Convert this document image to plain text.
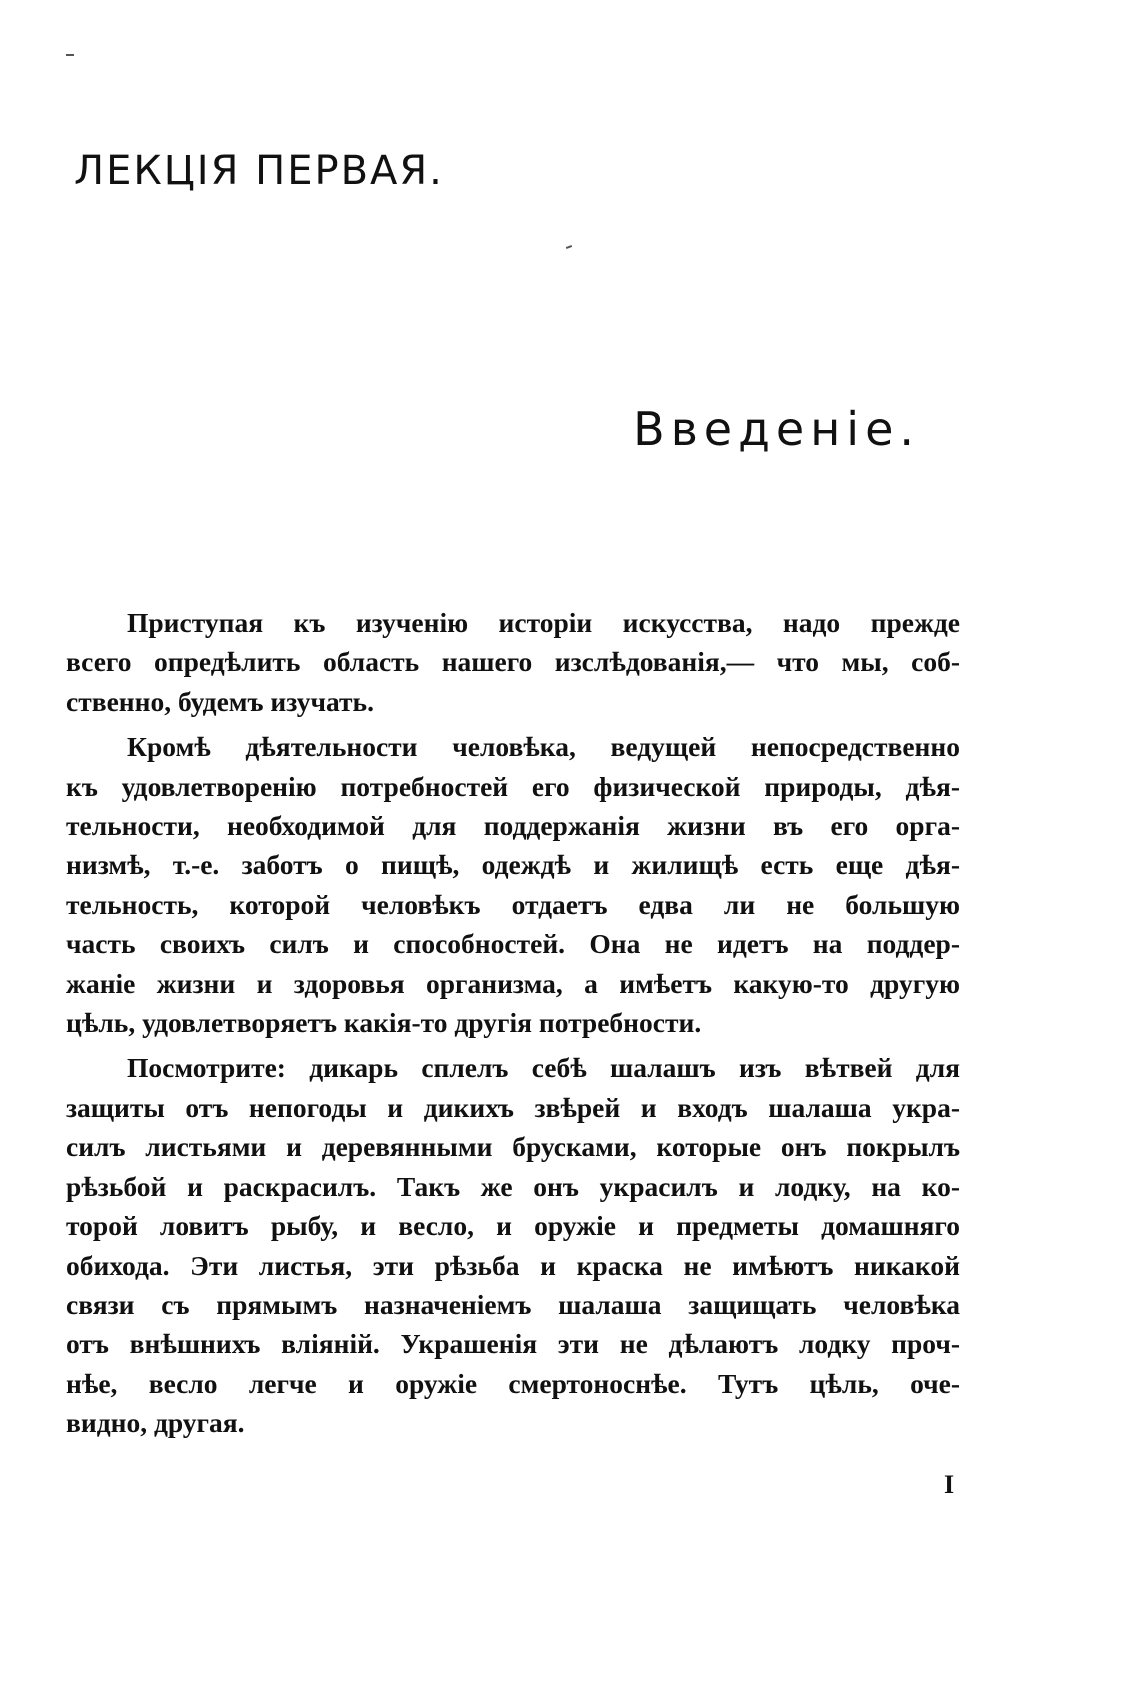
ЛЕКЦІЯ ПЕРВАЯ.
Введеніе.

Приступая къ изученію исторіи искусства, надо прежде
всего опредѣлить область нашего изслѣдованія,— что мы, соб-
ственно, будемъ изучать.

Кромѣ дѣятельности человѣка, ведущей непосредственно
къ удовлетворенію потребностей его физической природы, дѣя-
тельности, необходимой для поддержанія жизни въ его орга-
низмѣ, т.-е. заботъ о пищѣ, одеждѣ и жилищѣ есть еще дѣя-
тельность, которой человѣкъ отдаетъ едва ли не большую
часть своихъ силъ и способностей. Она не идетъ на поддер-
жаніе жизни и здоровья организма, а имѣетъ какую-то другую
цѣль, удовлетворяетъ какія-то другія потребности.

Посмотрите: дикарь сплелъ себѣ шалашъ изъ вѣтвей для
защиты отъ непогоды и дикихъ звѣрей и входъ шалаша укра-
силъ листьями и деревянными брусками, которые онъ покрылъ
рѣзьбой и раскрасилъ. Такъ же онъ украсилъ и лодку, на ко-
торой ловитъ рыбу, и весло, и оружіе и предметы домашняго
обихода. Эти листья, эти рѣзьба и краска не имѣютъ никакой
связи съ прямымъ назначеніемъ шалаша защищать человѣка
отъ внѣшнихъ вліяній. Украшенія эти не дѣлаютъ лодку проч-
нѣе, весло легче и оружіе смертоноснѣе. Тутъ цѣль, оче-
видно, другая.

I
